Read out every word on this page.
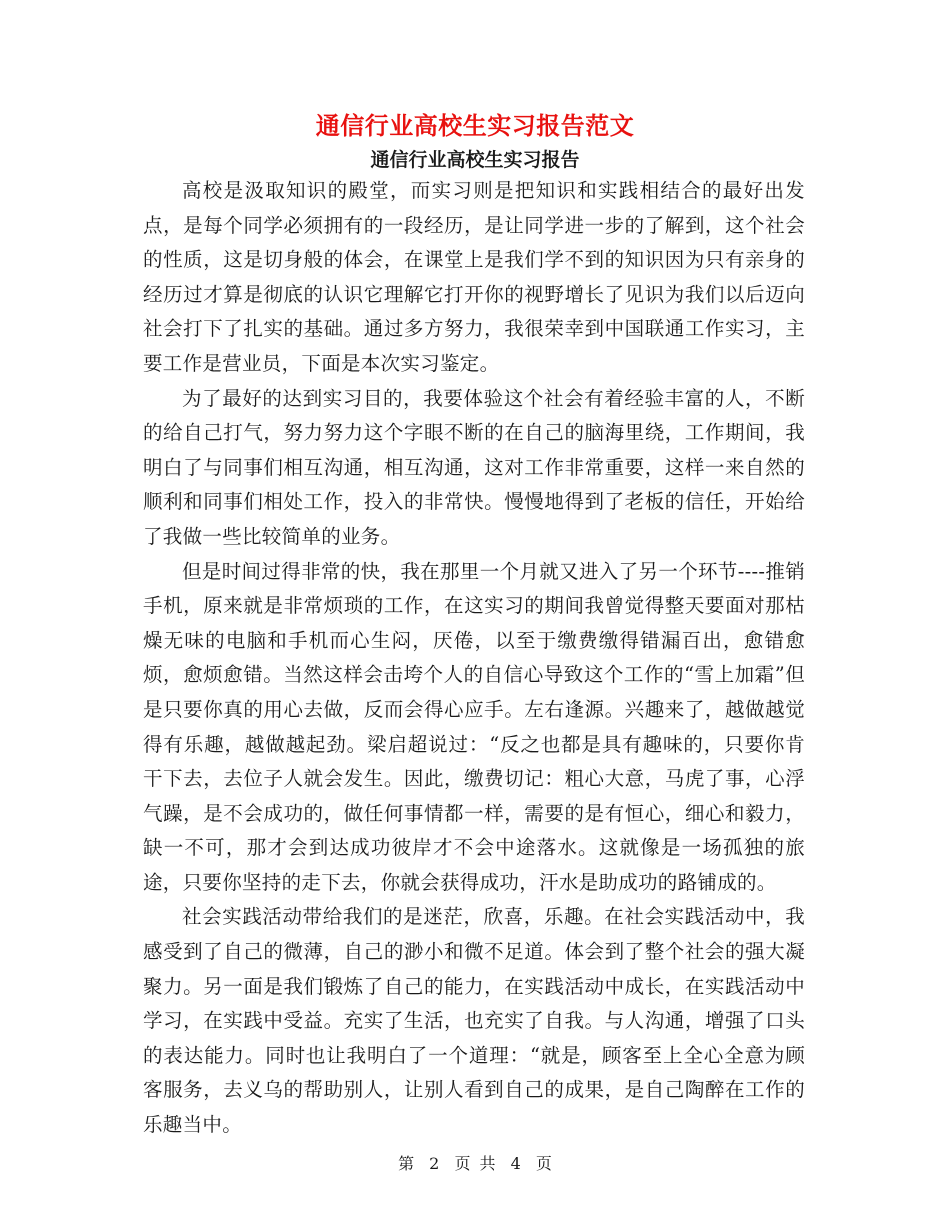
通信行业高校生实习报告范文
通信行业高校生实习报告

高校是汲取知识的殿堂，而实习则是把知识和实践相结合的最好出发点，是每个同学必须拥有的一段经历，是让同学进一步的了解到，这个社会的性质，这是切身般的体会，在课堂上是我们学不到的知识因为只有亲身的经历过才算是彻底的认识它理解它打开你的视野增长了见识为我们以后迈向社会打下了扎实的基础。通过多方努力，我很荣幸到中国联通工作实习，主要工作是营业员，下面是本次实习鉴定。

为了最好的达到实习目的，我要体验这个社会有着经验丰富的人，不断的给自己打气，努力努力这个字眼不断的在自己的脑海里绕，工作期间，我明白了与同事们相互沟通，相互沟通，这对工作非常重要，这样一来自然的顺利和同事们相处工作，投入的非常快。慢慢地得到了老板的信任，开始给了我做一些比较简单的业务。

但是时间过得非常的快，我在那里一个月就又进入了另一个环节----推销手机，原来就是非常烦琐的工作，在这实习的期间我曾觉得整天要面对那枯燥无味的电脑和手机而心生闷，厌倦，以至于缴费缴得错漏百出，愈错愈烦，愈烦愈错。当然这样会击垮个人的自信心导致这个工作的“雪上加霜”但是只要你真的用心去做，反而会得心应手。左右逢源。兴趣来了，越做越觉得有乐趣，越做越起劲。梁启超说过：“反之也都是具有趣味的，只要你肯干下去，去位子人就会发生。因此，缴费切记：粗心大意，马虎了事，心浮气躁，是不会成功的，做任何事情都一样，需要的是有恒心，细心和毅力，缺一不可，那才会到达成功彼岸才不会中途落水。这就像是一场孤独的旅途，只要你坚持的走下去，你就会获得成功，汗水是助成功的路铺成的。

社会实践活动带给我们的是迷茫，欣喜，乐趣。在社会实践活动中，我感受到了自己的微薄，自己的渺小和微不足道。体会到了整个社会的强大凝聚力。另一面是我们锻炼了自己的能力，在实践活动中成长，在实践活动中学习，在实践中受益。充实了生活，也充实了自我。与人沟通，增强了口头的表达能力。同时也让我明白了一个道理：“就是，顾客至上全心全意为顾客服务，去义乌的帮助别人，让别人看到自己的成果，是自己陶醉在工作的乐趣当中。

第 2 页 共 4 页
